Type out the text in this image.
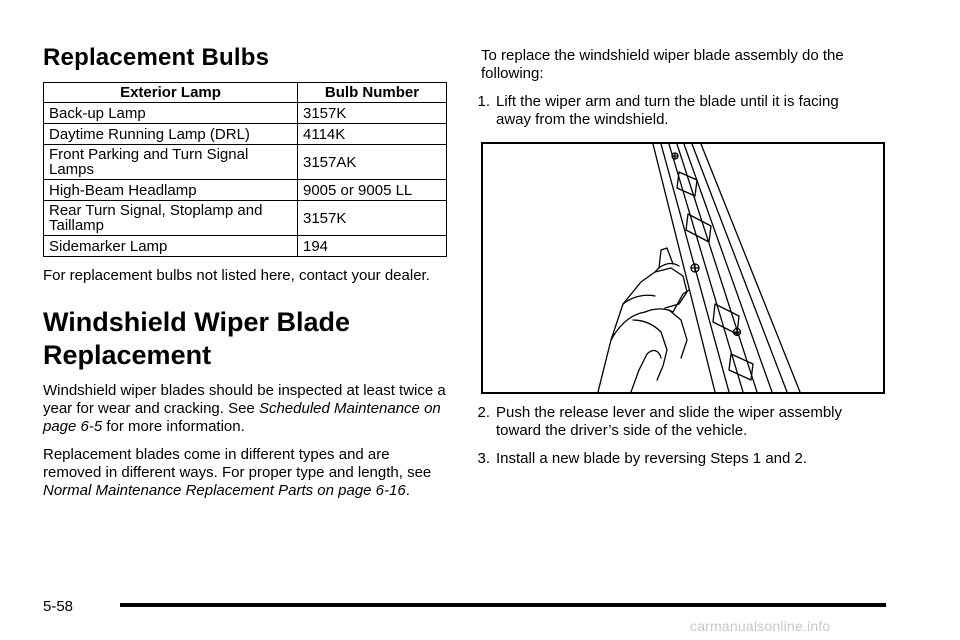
Replacement Bulbs
Exterior Lamp	Bulb Number
Back-up Lamp	3157K
Daytime Running Lamp (DRL)	4114K
Front Parking and Turn Signal Lamps	3157AK
High-Beam Headlamp	9005 or 9005 LL
Rear Turn Signal, Stoplamp and Taillamp	3157K
Sidemarker Lamp	194

For replacement bulbs not listed here, contact your dealer.

Windshield Wiper Blade Replacement

Windshield wiper blades should be inspected at least twice a year for wear and cracking. See Scheduled Maintenance on page 6-5 for more information.

Replacement blades come in different types and are removed in different ways. For proper type and length, see Normal Maintenance Replacement Parts on page 6-16.

To replace the windshield wiper blade assembly do the following:

1. Lift the wiper arm and turn the blade until it is facing away from the windshield.
2. Push the release lever and slide the wiper assembly toward the driver’s side of the vehicle.
3. Install a new blade by reversing Steps 1 and 2.
5-58
carmanualsonline.info
